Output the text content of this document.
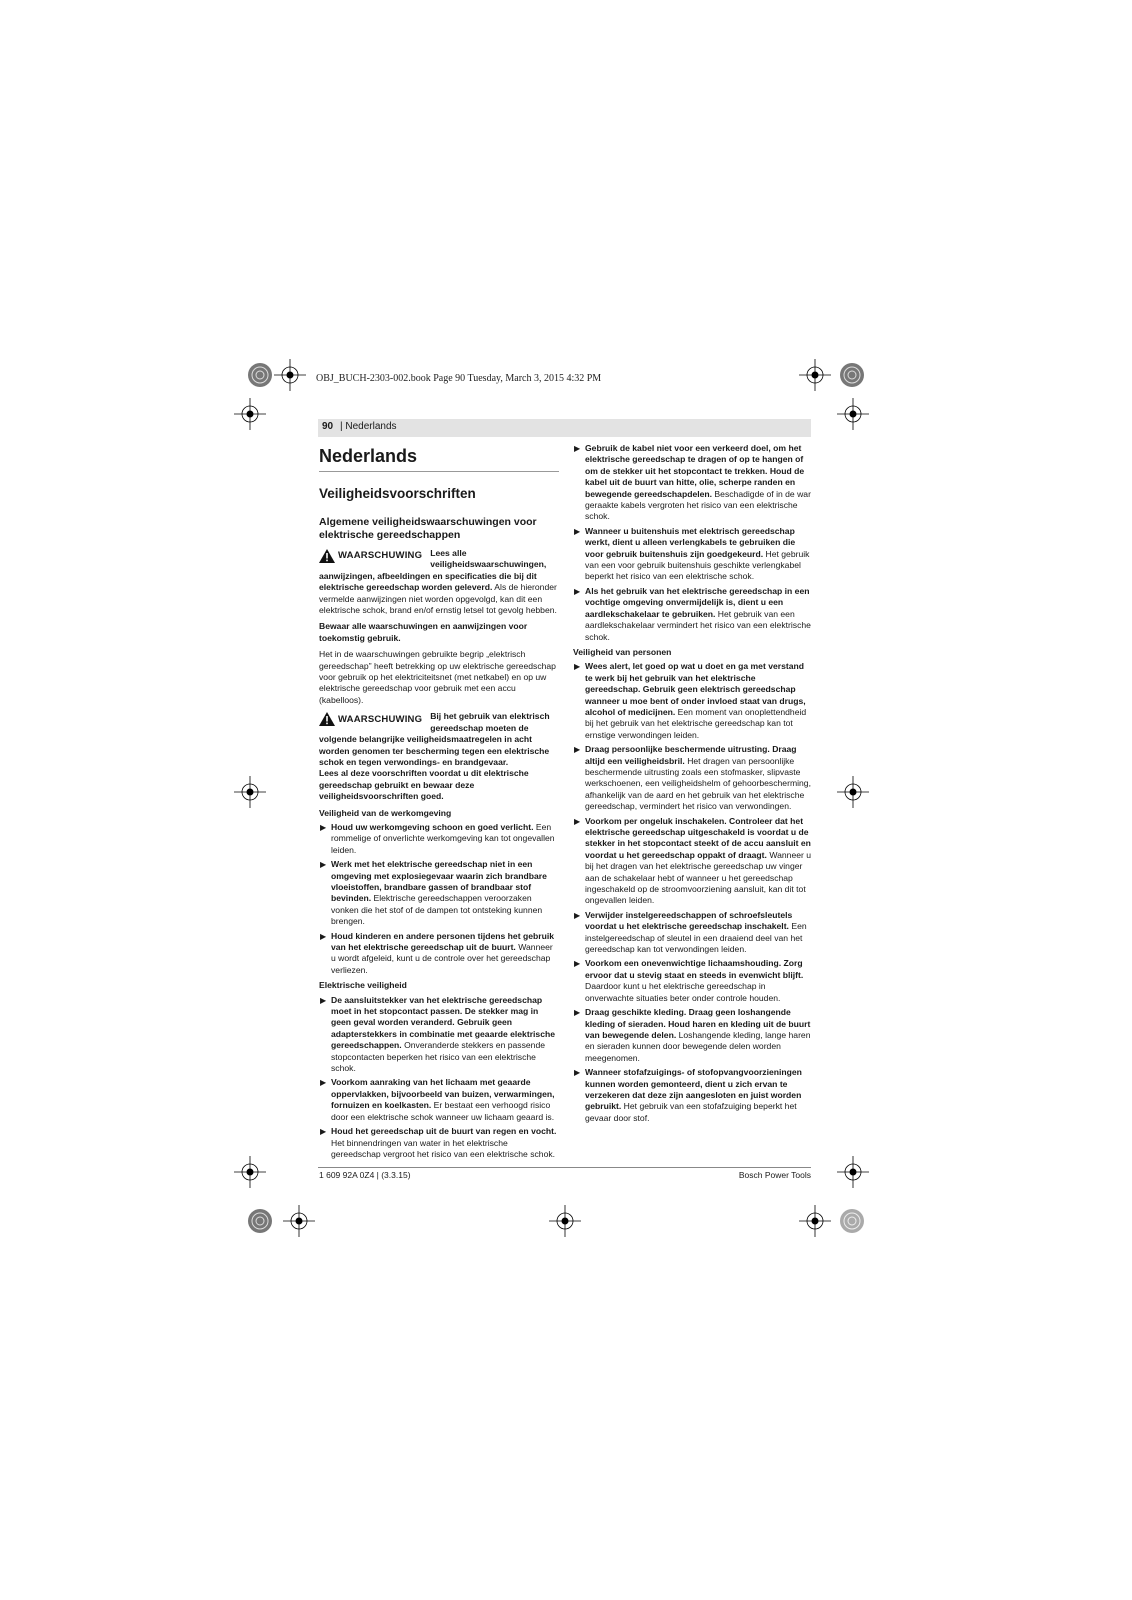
OBJ_BUCH-2303-002.book Page 90 Tuesday, March 3, 2015 4:32 PM
90 | Nederlands
Nederlands
Veiligheidsvoorschriften
Algemene veiligheidswaarschuwingen voor elektrische gereedschappen
WAARSCHUWING Lees alle veiligheidswaarschuwingen, aanwijzingen, afbeeldingen en specificaties die bij dit elektrische gereedschap worden geleverd. Als de hieronder vermelde aanwijzingen niet worden opgevolgd, kan dit een elektrische schok, brand en/of ernstig letsel tot gevolg hebben.

Bewaar alle waarschuwingen en aanwijzingen voor toekomstig gebruik.

Het in de waarschuwingen gebruikte begrip „elektrisch gereedschap” heeft betrekking op uw elektrische gereedschap voor gebruik op het elektriciteitsnet (met netkabel) en op uw elektrische gereedschap voor gebruik met een accu (kabelloos).

WAARSCHUWING Bij het gebruik van elektrisch gereedschap moeten de volgende belangrijke veiligheidsmaatregelen in acht worden genomen ter bescherming tegen een elektrische schok en tegen verwondings- en brandgevaar.

Lees al deze voorschriften voordat u dit elektrische gereedschap gebruikt en bewaar deze veiligheidsvoorschriften goed.

Veiligheid van de werkomgeving
▶ Houd uw werkomgeving schoon en goed verlicht. Een rommelige of onverlichte werkomgeving kan tot ongevallen leiden.
▶ Werk met het elektrische gereedschap niet in een omgeving met explosiegevaar waarin zich brandbare vloeistoffen, brandbare gassen of brandbaar stof bevinden. Elektrische gereedschappen veroorzaken vonken die het stof of de dampen tot ontsteking kunnen brengen.
▶ Houd kinderen en andere personen tijdens het gebruik van het elektrische gereedschap uit de buurt. Wanneer u wordt afgeleid, kunt u de controle over het gereedschap verliezen.
Elektrische veiligheid
▶ De aansluitstekker van het elektrische gereedschap moet in het stopcontact passen. De stekker mag in geen geval worden veranderd. Gebruik geen adapterstekkers in combinatie met geaarde elektrische gereedschappen. Onveranderde stekkers en passende stopcontacten beperken het risico van een elektrische schok.
▶ Voorkom aanraking van het lichaam met geaarde oppervlakken, bijvoorbeeld van buizen, verwarmingen, fornuizen en koelkasten. Er bestaat een verhoogd risico door een elektrische schok wanneer uw lichaam geaard is.
▶ Houd het gereedschap uit de buurt van regen en vocht. Het binnendringen van water in het elektrische gereedschap vergroot het risico van een elektrische schok.
▶ Gebruik de kabel niet voor een verkeerd doel, om het elektrische gereedschap te dragen of op te hangen of om de stekker uit het stopcontact te trekken. Houd de kabel uit de buurt van hitte, olie, scherpe randen en bewegende gereedschapdelen. Beschadigde of in de war geraakte kabels vergroten het risico van een elektrische schok.
▶ Wanneer u buitenshuis met elektrisch gereedschap werkt, dient u alleen verlengkabels te gebruiken die voor gebruik buitenshuis zijn goedgekeurd. Het gebruik van een voor gebruik buitenshuis geschikte verlengkabel beperkt het risico van een elektrische schok.
▶ Als het gebruik van het elektrische gereedschap in een vochtige omgeving onvermijdelijk is, dient u een aardlekschakelaar te gebruiken. Het gebruik van een aardlekschakelaar vermindert het risico van een elektrische schok.
Veiligheid van personen
▶ Wees alert, let goed op wat u doet en ga met verstand te werk bij het gebruik van het elektrische gereedschap. Gebruik geen elektrisch gereedschap wanneer u moe bent of onder invloed staat van drugs, alcohol of medicijnen. Een moment van onoplettendheid bij het gebruik van het elektrische gereedschap kan tot ernstige verwondingen leiden.
▶ Draag persoonlijke beschermende uitrusting. Draag altijd een veiligheidsbril. Het dragen van persoonlijke beschermende uitrusting zoals een stofmasker, slipvaste werkschoenen, een veiligheidshelm of gehoorbescherming, afhankelijk van de aard en het gebruik van het elektrische gereedschap, vermindert het risico van verwondingen.
▶ Voorkom per ongeluk inschakelen. Controleer dat het elektrische gereedschap uitgeschakeld is voordat u de stekker in het stopcontact steekt of de accu aansluit en voordat u het gereedschap oppakt of draagt. Wanneer u bij het dragen van het elektrische gereedschap uw vinger aan de schakelaar hebt of wanneer u het gereedschap ingeschakeld op de stroomvoorziening aansluit, kan dit tot ongevallen leiden.
▶ Verwijder instelgereedschappen of schroefsleutels voordat u het elektrische gereedschap inschakelt. Een instelgereedschap of sleutel in een draaiend deel van het gereedschap kan tot verwondingen leiden.
▶ Voorkom een onevenwichtige lichaamshouding. Zorg ervoor dat u stevig staat en steeds in evenwicht blijft. Daardoor kunt u het elektrische gereedschap in onverwachte situaties beter onder controle houden.
▶ Draag geschikte kleding. Draag geen loshangende kleding of sieraden. Houd haren en kleding uit de buurt van bewegende delen. Loshangende kleding, lange haren en sieraden kunnen door bewegende delen worden meegenomen.
▶ Wanneer stofafzuigings- of stofopvangvoorzieningen kunnen worden gemonteerd, dient u zich ervan te verzekeren dat deze zijn aangesloten en juist worden gebruikt. Het gebruik van een stofafzuiging beperkt het gevaar door stof.
1 609 92A 0Z4 | (3.3.15)	Bosch Power Tools
